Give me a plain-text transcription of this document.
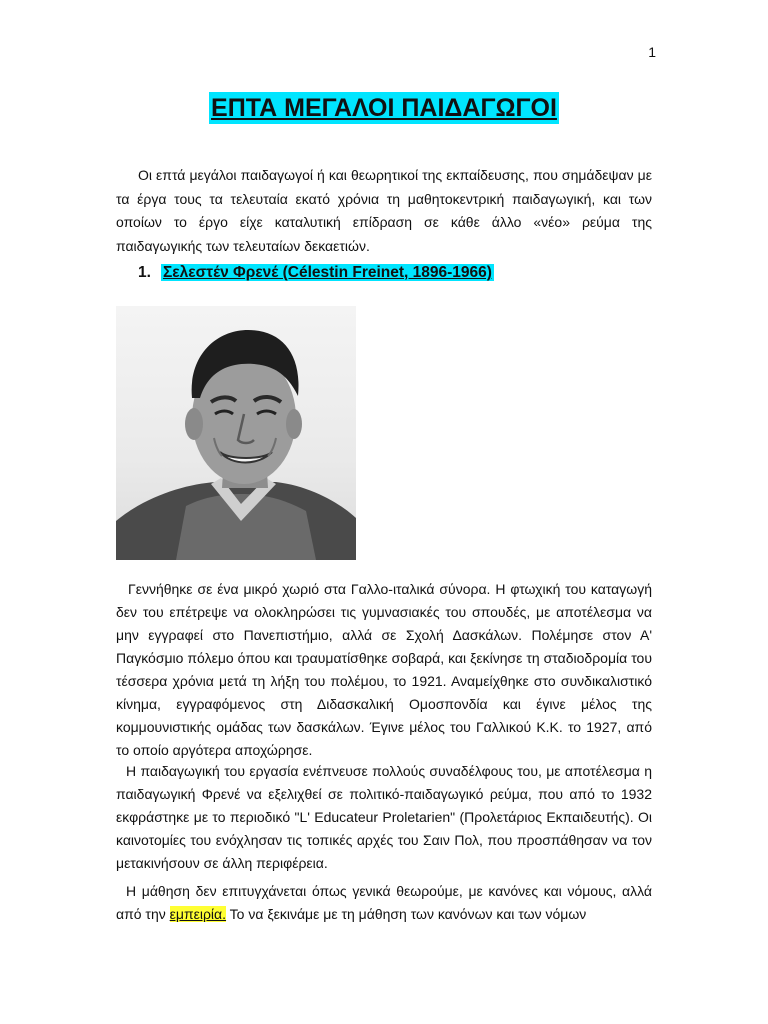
1
ΕΠΤΑ ΜΕΓΑΛΟΙ ΠΑΙΔΑΓΩΓΟΙ

Οι επτά μεγάλοι παιδαγωγοί ή και θεωρητικοί της εκπαίδευσης, που σημάδεψαν με τα έργα τους τα τελευταία εκατό χρόνια τη μαθητοκεντρική παιδαγωγική, και των οποίων το έργο είχε καταλυτική επίδραση σε κάθε άλλο «νέο» ρεύμα της παιδαγωγικής των τελευταίων δεκαετιών.

1. Σελεστέν Φρενέ (Célestin Freinet, 1896-1966)

Γεννήθηκε σε ένα μικρό χωριό στα Γαλλο-ιταλικά σύνορα. Η φτωχική του καταγωγή δεν του επέτρεψε να ολοκληρώσει τις γυμνασιακές του σπουδές, με αποτέλεσμα να μην εγγραφεί στο Πανεπιστήμιο, αλλά σε Σχολή Δασκάλων. Πολέμησε στον Α' Παγκόσμιο πόλεμο όπου και τραυματίσθηκε σοβαρά, και ξεκίνησε τη σταδιοδρομία του τέσσερα χρόνια μετά τη λήξη του πολέμου, το 1921. Αναμείχθηκε στο συνδικαλιστικό κίνημα, εγγραφόμενος στη Διδασκαλική Ομοσπονδία και έγινε μέλος της κομμουνιστικής ομάδας των δασκάλων. Έγινε μέλος του Γαλλικού Κ.Κ. το 1927, από το οποίο αργότερα αποχώρησε.

Η παιδαγωγική του εργασία ενέπνευσε πολλούς συναδέλφους του, με αποτέλεσμα η παιδαγωγική Φρενέ να εξελιχθεί σε πολιτικό-παιδαγωγικό ρεύμα, που από το 1932 εκφράστηκε με το περιοδικό "L' Educateur Proletarien" (Προλετάριος Εκπαιδευτής). Οι καινοτομίες του ενόχλησαν τις τοπικές αρχές του Σαιν Πολ, που προσπάθησαν να τον μετακινήσουν σε άλλη περιφέρεια.

Η μάθηση δεν επιτυγχάνεται όπως γενικά θεωρούμε, με κανόνες και νόμους, αλλά από την εμπειρία. Το να ξεκινάμε με τη μάθηση των κανόνων και των νόμων
